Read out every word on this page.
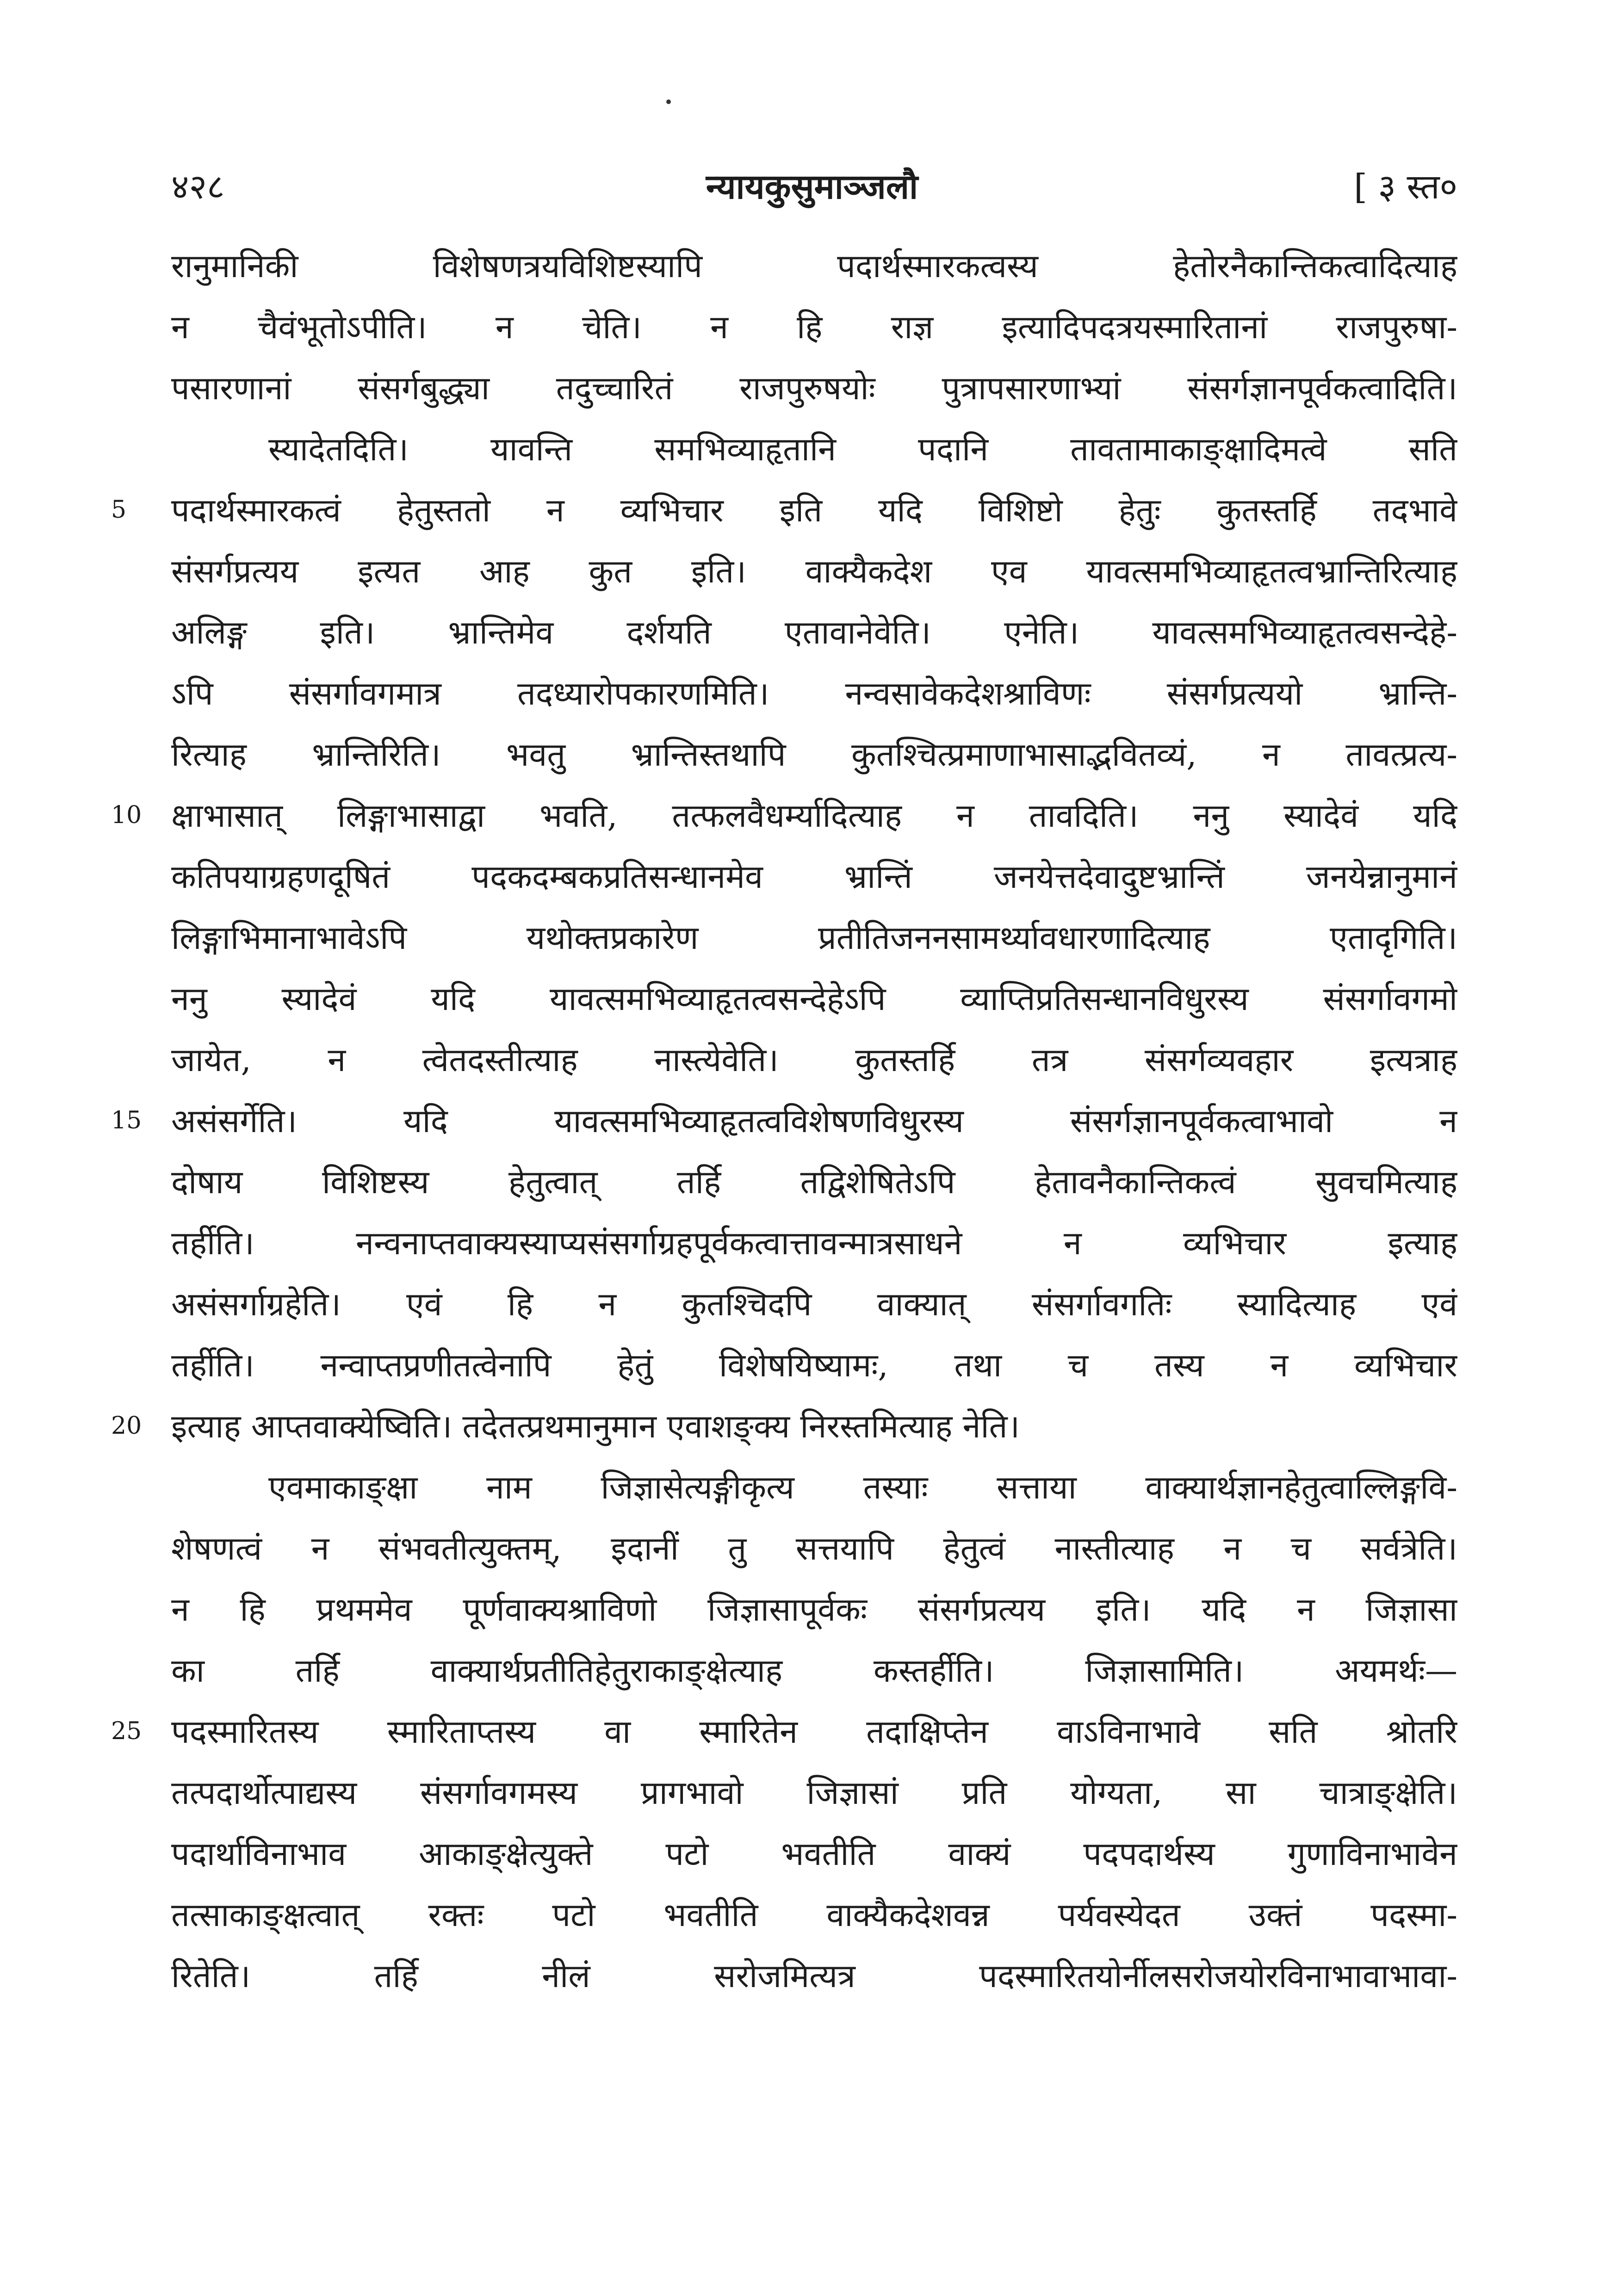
४२८	न्यायकुसुमाञ्जलौ	[ ३ स्त०
रानुमानिकी विशेषणत्रयविशिष्टस्यापि पदार्थस्मारकत्वस्य हेतोरनैकान्तिकत्वादित्याह
न चैवंभूतोऽपीति। न चेति। न हि राज्ञ इत्यादिपदत्रयस्मारितानां राजपुरुषा-
पसारणानां संसर्गबुद्ध्या तदुच्चारितं राजपुरुषयोः पुत्रापसारणाभ्यां संसर्गज्ञानपूर्वकत्वादिति।
स्यादेतदिति। यावन्ति समभिव्याहृतानि पदानि तावतामाकाङ्क्षादिमत्वे सति
5	पदार्थस्मारकत्वं हेतुस्ततो न व्यभिचार इति यदि विशिष्टो हेतुः कुतस्तर्हि तदभावे
संसर्गप्रत्यय इत्यत आह कुत इति। वाक्यैकदेश एव यावत्समभिव्याहृतत्वभ्रान्तिरित्याह
अलिङ्ग इति। भ्रान्तिमेव दर्शयति एतावानेवेति। एनेति। यावत्समभिव्याहृतत्वसन्देहे-
ऽपि संसर्गावगमात्र तदध्यारोपकारणमिति। नन्वसावेकदेशश्राविणः संसर्गप्रत्ययो भ्रान्ति-
रित्याह भ्रान्तिरिति। भवतु भ्रान्तिस्तथापि कुतश्चित्प्रमाणाभासाद्भवितव्यं, न तावत्प्रत्य-
10 क्षाभासात् लिङ्गाभासाद्वा भवति, तत्फलवैधर्म्यादित्याह न तावदिति। ननु स्यादेवं यदि
कतिपयाग्रहणदूषितं पदकदम्बकप्रतिसन्धानमेव भ्रान्तिं जनयेत्तदेवादुष्टभ्रान्तिं जनयेन्नानुमानं
लिङ्गाभिमानाभावेऽपि यथोक्तप्रकारेण प्रतीतिजननसामर्थ्यावधारणादित्याह एतादृगिति।
ननु स्यादेवं यदि यावत्समभिव्याहृतत्वसन्देहेऽपि व्याप्तिप्रतिसन्धानविधुरस्य संसर्गावगमो
जायेत, न त्वेतदस्तीत्याह नास्त्येवेति। कुतस्तर्हि तत्र संसर्गव्यवहार इत्यत्राह
15 असंसर्गेति। यदि यावत्समभिव्याहृतत्वविशेषणविधुरस्य संसर्गज्ञानपूर्वकत्वाभावो न
दोषाय विशिष्टस्य हेतुत्वात् तर्हि तद्विशेषितेऽपि हेतावनैकान्तिकत्वं सुवचमित्याह
तर्हीति। नन्वनाप्तवाक्यस्याप्यसंसर्गाग्रहपूर्वकत्वात्तावन्मात्रसाधने न व्यभिचार इत्याह
असंसर्गाग्रहेति। एवं हि न कुतश्चिदपि वाक्यात् संसर्गावगतिः स्यादित्याह एवं
तर्हीति। नन्वाप्तप्रणीतत्वेनापि हेतुं विशेषयिष्यामः, तथा च तस्य न व्यभिचार
20 इत्याह आप्तवाक्येष्विति। तदेतत्प्रथमानुमान एवाशङ्क्य निरस्तमित्याह नेति।
एवमाकाङ्क्षा नाम जिज्ञासेत्यङ्गीकृत्य तस्याः सत्ताया वाक्यार्थज्ञानहेतुत्वाल्लिङ्गवि-
शेषणत्वं न संभवतीत्युक्तम्, इदानीं तु सत्तयापि हेतुत्वं नास्तीत्याह न च सर्वत्रेति।
न हि प्रथममेव पूर्णवाक्यश्राविणो जिज्ञासापूर्वकः संसर्गप्रत्यय इति। यदि न जिज्ञासा
का तर्हि वाक्यार्थप्रतीतिहेतुराकाङ्क्षेत्याह कस्तर्हीति। जिज्ञासामिति। अयमर्थः—
25 पदस्मारितस्य स्मारिताप्तस्य वा स्मारितेन तदाक्षिप्तेन वाऽविनाभावे सति श्रोतरि
तत्पदार्थोत्पाद्यस्य संसर्गावगमस्य प्रागभावो जिज्ञासां प्रति योग्यता, सा चात्राङ्क्षेति।
पदार्थाविनाभाव आकाङ्क्षेत्युक्ते पटो भवतीति वाक्यं पदपदार्थस्य गुणाविनाभावेन
तत्साकाङ्क्षत्वात् रक्तः पटो भवतीति वाक्यैकदेशवन्न पर्यवस्येदत उक्तं पदस्मा-
रितेति। तर्हि नीलं सरोजमित्यत्र पदस्मारितयोर्नीलसरोजयोरविनाभावाभावा-
